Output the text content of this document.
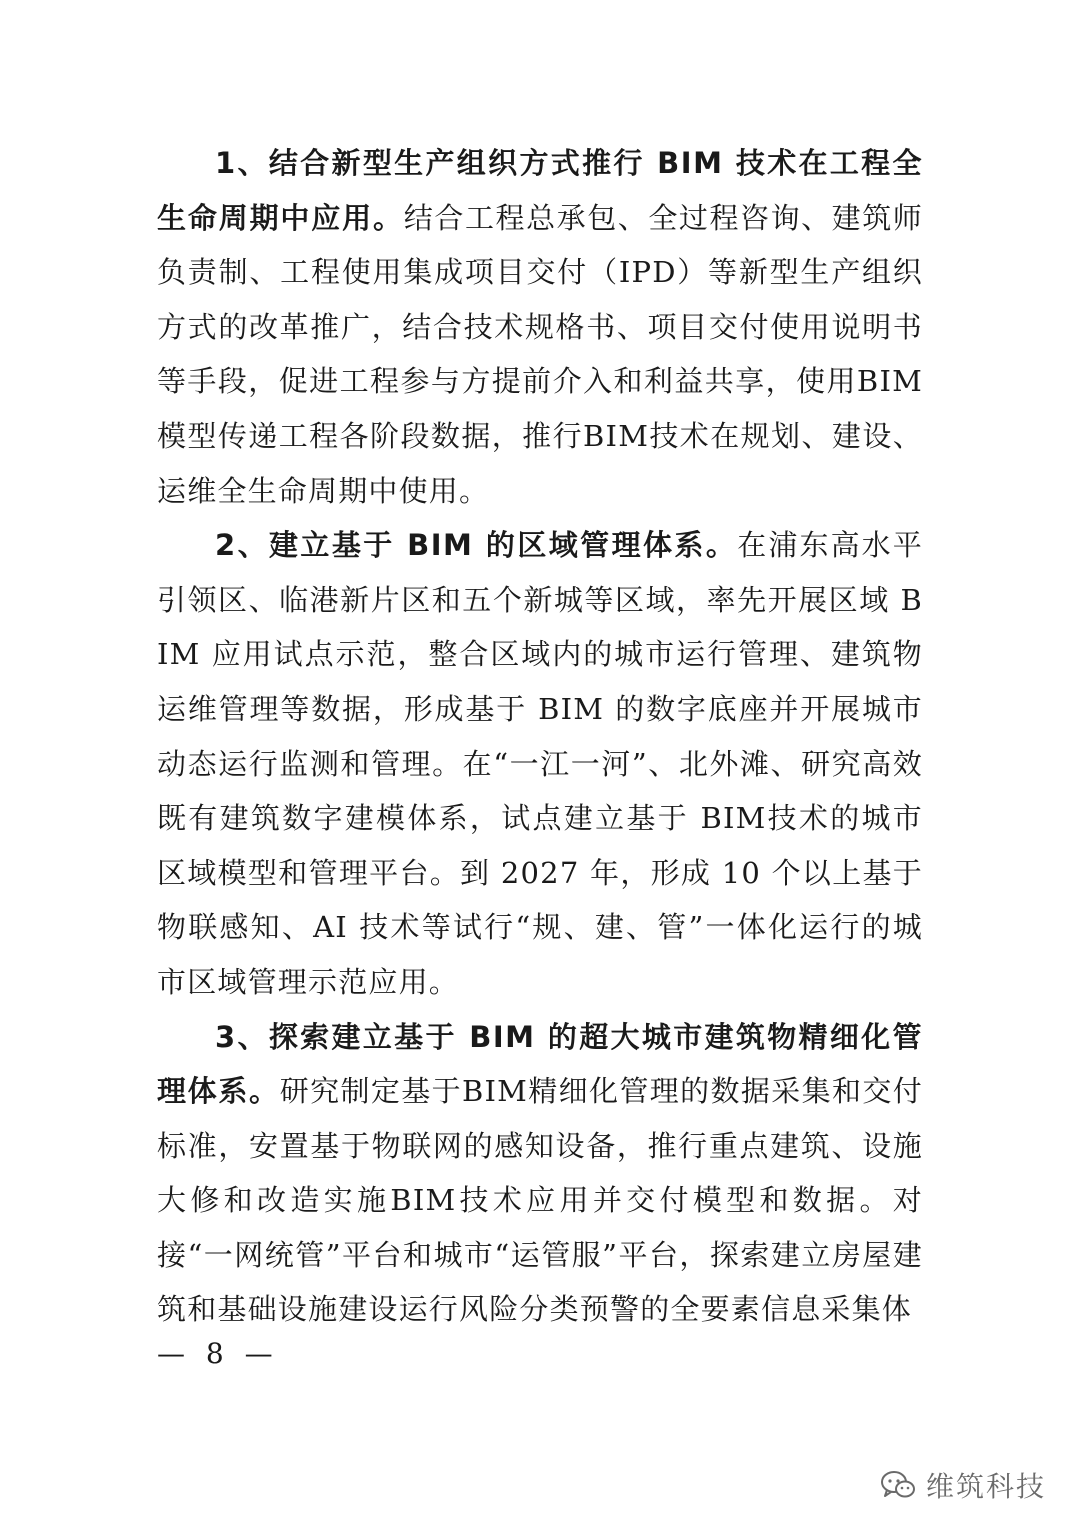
1、结合新型生产组织方式推行 BIM 技术在工程全生命周期中应用。结合工程总承包、全过程咨询、建筑师负责制、工程使用集成项目交付（IPD）等新型生产组织方式的改革推广，结合技术规格书、项目交付使用说明书等手段，促进工程参与方提前介入和利益共享，使用BIM模型传递工程各阶段数据，推行BIM技术在规划、建设、运维全生命周期中使用。

2、建立基于 BIM 的区域管理体系。在浦东高水平引领区、临港新片区和五个新城等区域，率先开展区域 BIM 应用试点示范，整合区域内的城市运行管理、建筑物运维管理等数据，形成基于 BIM 的数字底座并开展城市动态运行监测和管理。在“一江一河”、北外滩、研究高效既有建筑数字建模体系，试点建立基于 BIM技术的城市区域模型和管理平台。到 2027 年，形成 10 个以上基于物联感知、AI 技术等试行“规、建、管”一体化运行的城市区域管理示范应用。

3、探索建立基于 BIM 的超大城市建筑物精细化管理体系。研究制定基于BIM精细化管理的数据采集和交付标准，安置基于物联网的感知设备，推行重点建筑、设施大修和改造实施BIM技术应用并交付模型和数据。对接“一网统管”平台和城市“运管服”平台，探索建立房屋建筑和基础设施建设运行风险分类预警的全要素信息采集体

— 8 —
维筑科技
